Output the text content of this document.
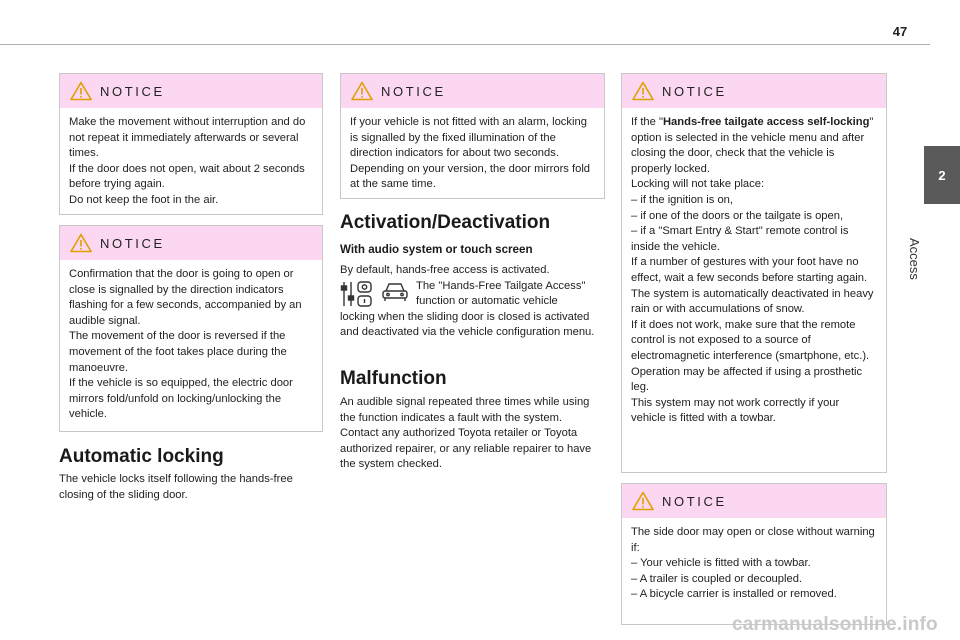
47
2
Access
NOTICE

Make the movement without interruption and do not repeat it immediately afterwards or several times.

If the door does not open, wait about 2 seconds before trying again.

Do not keep the foot in the air.

NOTICE

Confirmation that the door is going to open or close is signalled by the direction indicators flashing for a few seconds, accompanied by an audible signal.

The movement of the door is reversed if the movement of the foot takes place during the manoeuvre.

If the vehicle is so equipped, the electric door mirrors fold/unfold on locking/unlocking the vehicle.

Automatic locking

The vehicle locks itself following the hands-free closing of the sliding door.

NOTICE

If your vehicle is not fitted with an alarm, locking is signalled by the fixed illumination of the direction indicators for about two seconds.

Depending on your version, the door mirrors fold at the same time.

Activation/Deactivation
With audio system or touch screen

By default, hands-free access is activated.

The "Hands-Free Tailgate Access" function or automatic vehicle

locking when the sliding door is closed is activated and deactivated via the vehicle configuration menu.

Malfunction

An audible signal repeated three times while using the function indicates a fault with the system.

Contact any authorized Toyota retailer or Toyota authorized repairer, or any reliable repairer to have the system checked.

NOTICE

If the "Hands-free tailgate access self-locking" option is selected in the vehicle menu and after closing the door, check that the vehicle is properly locked.

Locking will not take place:

– if the ignition is on,

– if one of the doors or the tailgate is open,

– if a "Smart Entry & Start" remote control is inside the vehicle.

If a number of gestures with your foot have no effect, wait a few seconds before starting again.

The system is automatically deactivated in heavy rain or with accumulations of snow.

If it does not work, make sure that the remote control is not exposed to a source of electromagnetic interference (smartphone, etc.).

Operation may be affected if using a prosthetic leg.

This system may not work correctly if your vehicle is fitted with a towbar.

NOTICE

The side door may open or close without warning if:

– Your vehicle is fitted with a towbar.

– A trailer is coupled or decoupled.

– A bicycle carrier is installed or removed.

carmanualsonline.info
